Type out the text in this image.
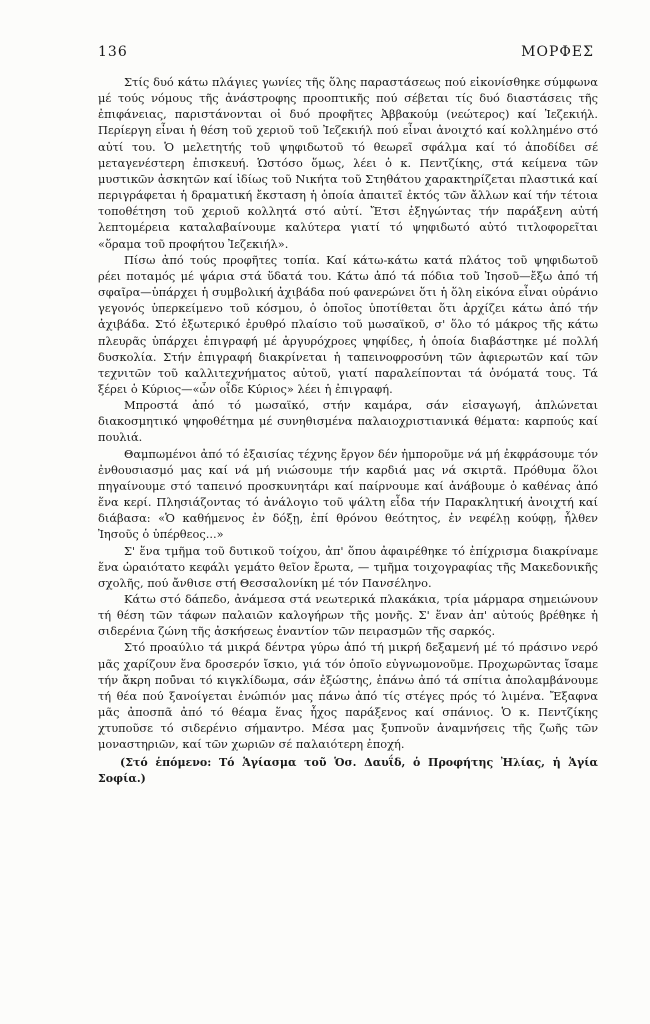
136	ΜΟΡΦΕΣ

Στίς δυό κάτω πλάγιες γωνίες τῆς ὅλης παραστάσεως πού εἰκονίσθηκε σύμφωνα μέ τούς νόμους τῆς ἀνάστροφης προοπτικῆς πού σέβεται τίς δυό διαστάσεις τῆς ἐπιφάνειας, παριστάνονται οἱ δυό προφῆτες Ἀββακούμ (νεώτερος) καί Ἰεζεκιήλ. Περίεργη εἶναι ἡ θέση τοῦ χεριοῦ τοῦ Ἰεζεκιήλ πού εἶναι ἀνοιχτό καί κολλημένο στό αὐτί του. Ὁ μελετητής τοῦ ψηφιδωτοῦ τό θεωρεῖ σφάλμα καί τό ἀποδίδει σέ μεταγενέστερη ἐπισκευή. Ὡστόσο ὅμως, λέει ὁ κ. Πεντζίκης, στά κείμενα τῶν μυστικῶν ἀσκητῶν καί ἰδίως τοῦ Νικήτα τοῦ Στηθάτου χαρακτηρίζεται πλαστικά καί περιγράφεται ἡ δραματική ἔκσταση ἡ ὁποία ἀπαιτεῖ ἐκτός τῶν ἄλλων καί τήν τέτοια τοποθέτηση τοῦ χεριοῦ κολλητά στό αὐτί. Ἔτσι ἐξηγώντας τήν παράξενη αὐτή λεπτομέρεια καταλαβαίνουμε καλύτερα γιατί τό ψηφιδωτό αὐτό τιτλοφορεῖται «ὅραμα τοῦ προφήτου Ἰεζεκιήλ».

Πίσω ἀπό τούς προφῆτες τοπία. Καί κάτω-κάτω κατά πλάτος τοῦ ψηφιδωτοῦ ρέει ποταμός μέ ψάρια στά ὕδατά του. Κάτω ἀπό τά πόδια τοῦ Ἰησοῦ—ἔξω ἀπό τή σφαῖρα—ὑπάρχει ἡ συμβολική ἀχιβάδα πού φανερώνει ὅτι ἡ ὅλη εἰκόνα εἶναι οὐράνιο γεγονός ὑπερκείμενο τοῦ κόσμου, ὁ ὁποῖος ὑποτίθεται ὅτι ἀρχίζει κάτω ἀπό τήν ἀχιβάδα. Στό ἐξωτερικό ἐρυθρό πλαίσιο τοῦ μωσαϊκοῦ, σ' ὅλο τό μάκρος τῆς κάτω πλευρᾶς ὑπάρχει ἐπιγραφή μέ ἀργυρόχροες ψηφίδες, ἡ ὁποία διαβάστηκε μέ πολλή δυσκολία. Στήν ἐπιγραφή διακρίνεται ἡ ταπεινοφροσύνη τῶν ἀφιερωτῶν καί τῶν τεχνιτῶν τοῦ καλλιτεχνήματος αὐτοῦ, γιατί παραλείπονται τά ὀνόματά τους. Τά ξέρει ὁ Κύριος—«ὧν οἶδε Κύριος» λέει ἡ ἐπιγραφή.

Μπροστά ἀπό τό μωσαϊκό, στήν καμάρα, σάν εἰσαγωγή, ἁπλώνεται διακοσμητικό ψηφοθέτημα μέ συνηθισμένα παλαιοχριστιανικά θέματα: καρπούς καί πουλιά.

Θαμπωμένοι ἀπό τό ἐξαισίας τέχνης ἔργον δέν ἠμποροῦμε νά μή ἐκφράσουμε τόν ἐνθουσιασμό μας καί νά μή νιώσουμε τήν καρδιά μας νά σκιρτᾶ. Πρόθυμα ὅλοι πηγαίνουμε στό ταπεινό προσκυνητάρι καί παίρνουμε καί ἀνάβουμε ὁ καθένας ἀπό ἕνα κερί. Πλησιάζοντας τό ἀνάλογιο τοῦ ψάλτη εἶδα τήν Παρακλητική ἀνοιχτή καί διάβασα: «Ὁ καθήμενος ἐν δόξῃ, ἐπί θρόνου θεότητος, ἐν νεφέλῃ κούφῃ, ἦλθεν Ἰησοῦς ὁ ὑπέρθεος...»

Σ' ἕνα τμῆμα τοῦ δυτικοῦ τοίχου, ἀπ' ὅπου ἀφαιρέθηκε τό ἐπίχρισμα διακρίναμε ἕνα ὡραιότατο κεφάλι γεμάτο θεῖον ἔρωτα, — τμῆμα τοιχογραφίας τῆς Μακεδονικῆς σχολῆς, πού ἄνθισε στή Θεσσαλονίκη μέ τόν Πανσέληνο.

Κάτω στό δάπεδο, ἀνάμεσα στά νεωτερικά πλακάκια, τρία μάρμαρα σημειώνουν τή θέση τῶν τάφων παλαιῶν καλογήρων τῆς μονῆς. Σ' ἕναν ἀπ' αὐτούς βρέθηκε ἡ σιδερένια ζώνη τῆς ἀσκήσεως ἐναντίον τῶν πειρασμῶν τῆς σαρκός.

Στό προαύλιο τά μικρά δέντρα γύρω ἀπό τή μικρή δεξαμενή μέ τό πράσινο νερό μᾶς χαρίζουν ἕνα δροσερόν ἴσκιο, γιά τόν ὁποῖο εὐγνωμονοῦμε. Προχωρῶντας ἴσαμε τήν ἄκρη πού̃ναι τό κιγκλίδωμα, σάν ἐξώστης, ἐπάνω ἀπό τά σπίτια ἀπολαμβάνουμε τή θέα πού ξανοίγεται ἐνώπιόν μας πάνω ἀπό τίς στέγες πρός τό λιμένα. Ἔξαφνα μᾶς ἀποσπᾶ ἀπό τό θέαμα ἕνας ἦχος παράξενος καί σπάνιος. Ὁ κ. Πεντζίκης χτυποῦσε τό σιδερένιο σήμαντρο. Μέσα μας ξυπνοῦν ἀναμνήσεις τῆς ζωῆς τῶν μοναστηριῶν, καί τῶν χωριῶν σέ παλαιότερη ἐποχή.

(Στό ἑπόμενο: Τό Ἁγίασμα τοῦ Ὁσ. Δαυΐδ, ὁ Προφήτης Ἠλίας, ἡ Ἁγία Σοφία.)
